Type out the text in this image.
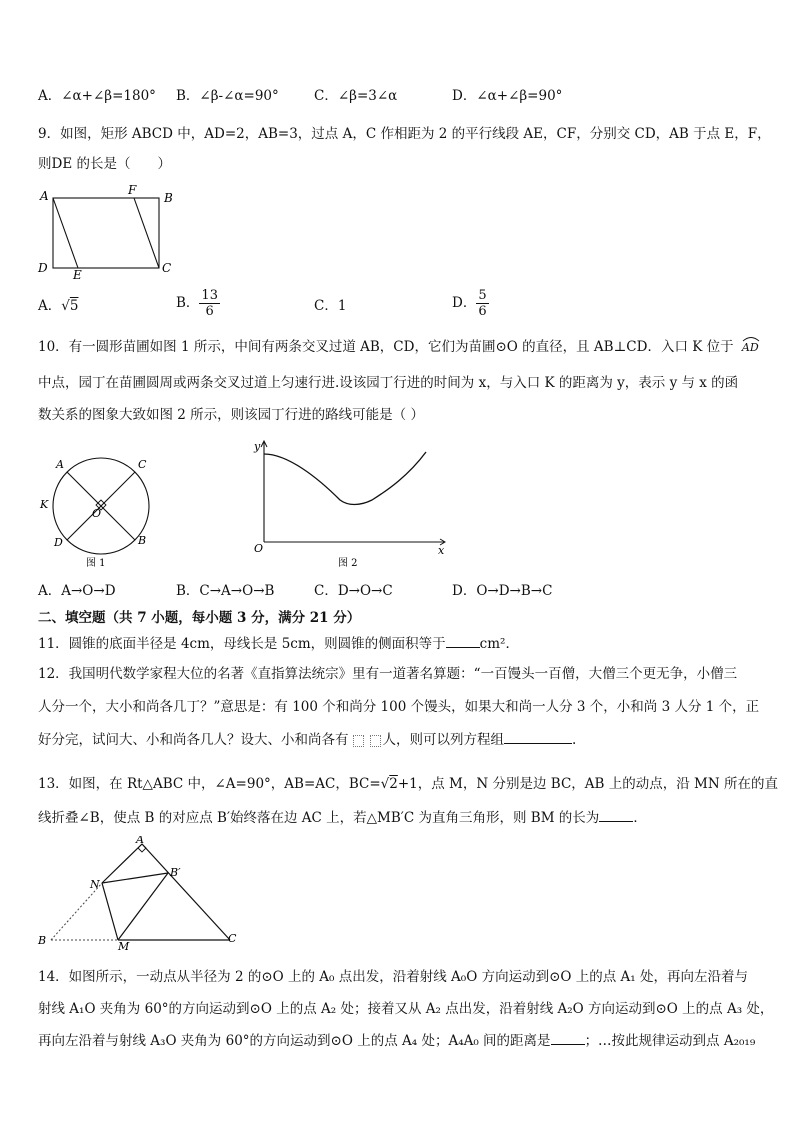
A．∠α+∠β=180° B．∠β-∠α=90°	C．∠β=3∠α	D．∠α+∠β=90°
9．如图，矩形 ABCD 中，AD=2，AB=3，过点 A，C 作相距为 2 的平行线段 AE，CF，分别交 CD，AB 于点 E，F，
则DE 的长是（　　）
A	B
C
D E
F
A．√5	B． $\frac{13}{6}$	C．1	D． $\frac{5}{6}$
10．有一圆形苗圃如图 1 所示，中间有两条交叉过道 AB，CD，它们为苗圃⊙O 的直径，且 AB⊥CD．入口 K 位于 AD
中点，园丁在苗圃圆周或两条交叉过道上匀速行进.设该园丁行进的时间为 x，与入口 K 的距离为 y，表示 y 与 x 的函
数关系的图象大致如图 2 所示，则该园丁行进的路线可能是（ ）
A
B
C
D
K
O
图 1
y
x
O
图 2
A．A→O→D	B．C→A→O→B	C．D→O→C	D．O→D→B→C
二、填空题（共 7 小题，每小题 3 分，满分 21 分）
11．圆锥的底面半径是 4cm，母线长是 5cm，则圆锥的侧面积等于	cm²．
12．我国明代数学家程大位的名著《直指算法统宗》里有一道著名算题：“一百馒头一百僧，大僧三个更无争，小僧三
人分一个，大小和尚各几丁？”意思是：有 100 个和尚分 100 个馒头，如果大和尚一人分 3 个，小和尚 3 人分 1 个，正
好分完，试问大、小和尚各几人？设大、小和尚各有	人，则可以列方程组	.
13．如图，在 Rt△ABC 中，∠A=90°，AB=AC，BC=√2+1，点 M，N 分别是边 BC，AB 上的动点，沿 MN 所在的直
线折叠∠B，使点 B 的对应点 B′始终落在边 AC 上，若△MB′C 为直角三角形，则 BM 的长为	．
A
B
B′
C
M
N
14．如图所示，一动点从半径为 2 的⊙O 上的 A₀ 点出发，沿着射线 A₀O 方向运动到⊙O 上的点 A₁ 处，再向左沿着与
射线 A₁O 夹角为 60°的方向运动到⊙O 上的点 A₂ 处；接着又从 A₂ 点出发，沿着射线 A₂O 方向运动到⊙O 上的点 A₃ 处，
再向左沿着与射线 A₃O 夹角为 60°的方向运动到⊙O 上的点 A₄ 处；A₄A₀ 间的距离是	；…按此规律运动到点 A₂₀₁₉
